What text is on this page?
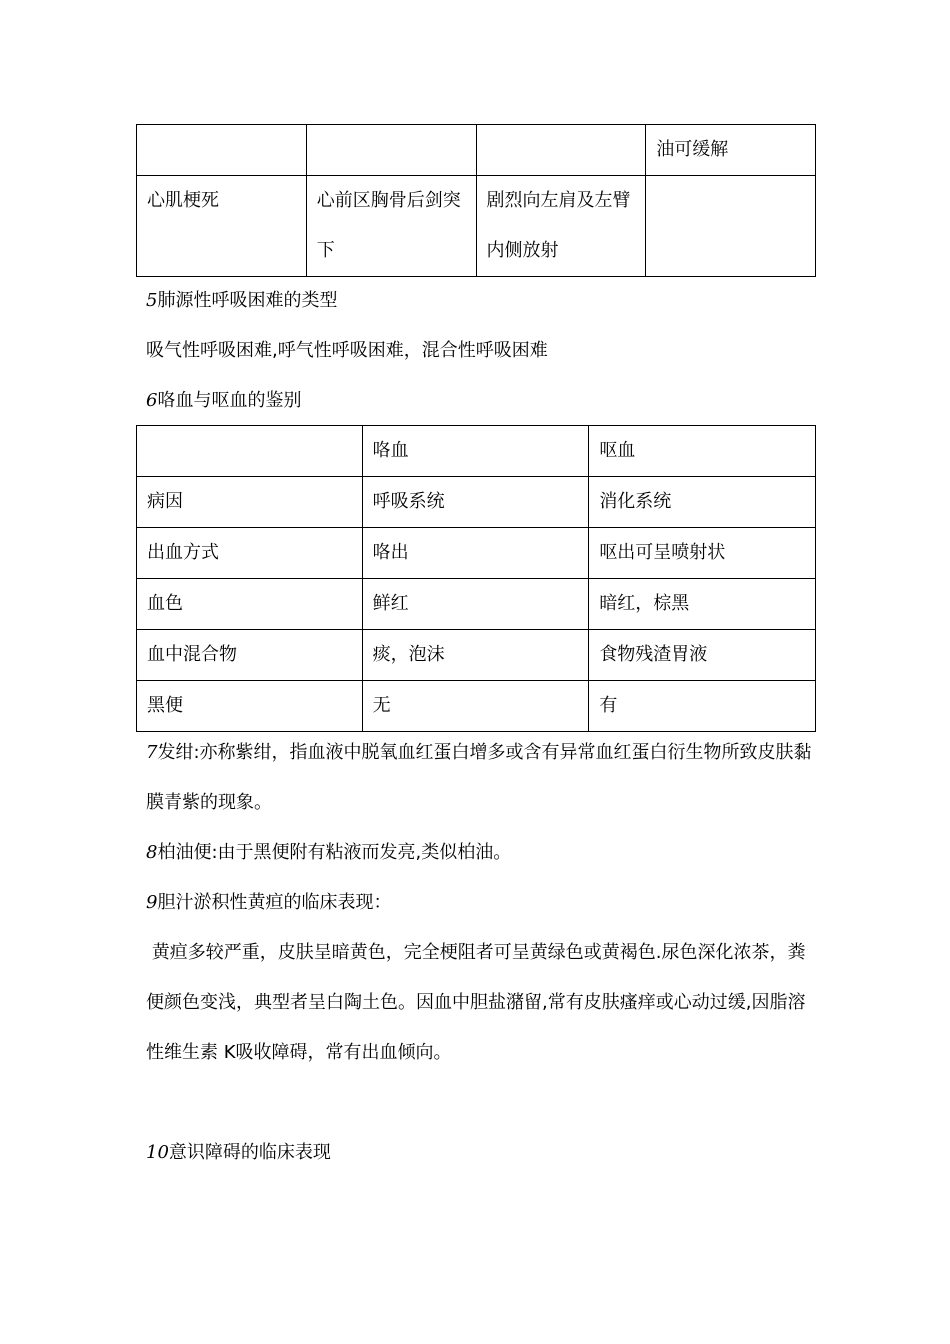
			油可缓解
心肌梗死	心前区胸骨后剑突下	剧烈向左肩及左臂内侧放射	

5肺源性呼吸困难的类型

吸气性呼吸困难,呼气性呼吸困难，混合性呼吸困难

6咯血与呕血的鉴别

	咯血	呕血
病因	呼吸系统	消化系统
出血方式	咯出	呕出可呈喷射状
血色	鲜红	暗红，棕黑
血中混合物	痰，泡沫	食物残渣胃液
黑便	无	有

7发绀:亦称紫绀，指血液中脱氧血红蛋白增多或含有异常血红蛋白衍生物所致皮肤黏膜青紫的现象。

8柏油便:由于黑便附有粘液而发亮,类似柏油。

9胆汁淤积性黄疸的临床表现：

黄疸多较严重，皮肤呈暗黄色，完全梗阻者可呈黄绿色或黄褐色.尿色深化浓茶，粪便颜色变浅，典型者呈白陶土色。因血中胆盐潴留,常有皮肤瘙痒或心动过缓,因脂溶性维生素 K吸收障碍，常有出血倾向。

10意识障碍的临床表现
